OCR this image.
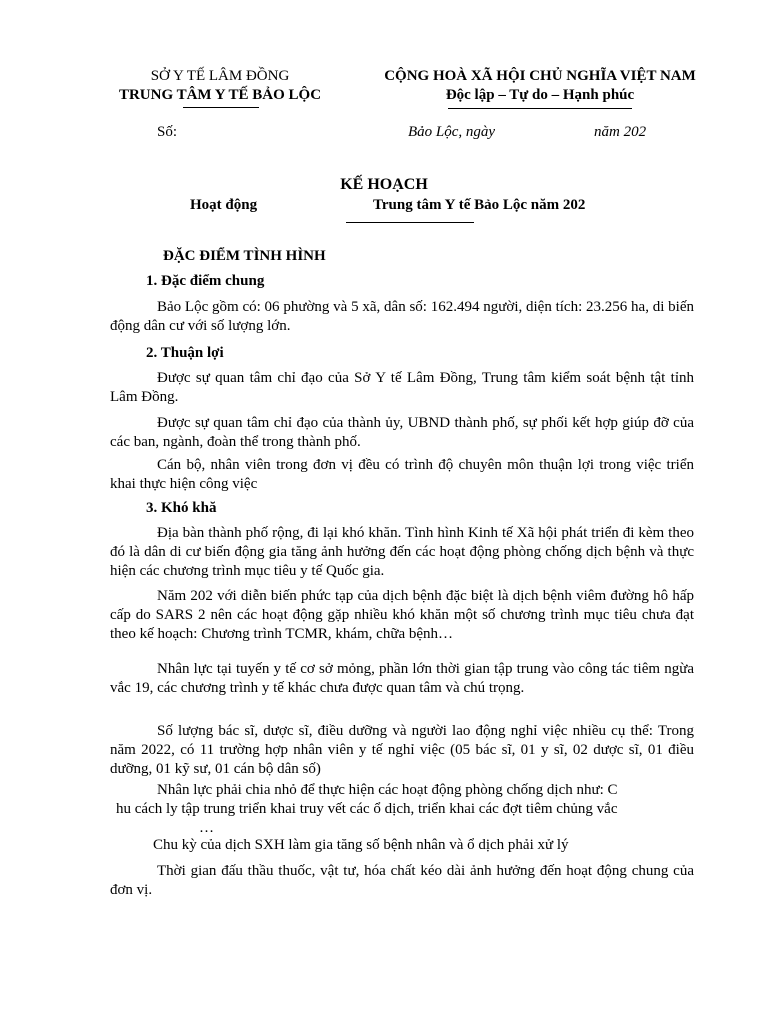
SỞ Y TẾ LÂM ĐỒNG
TRUNG TÂM Y TẾ BẢO LỘC
CỘNG HOÀ XÃ HỘI CHỦ NGHĨA VIỆT NAM
Độc lập – Tự do – Hạnh phúc
Số:	Bảo Lộc, ngày	năm 202
KẾ HOẠCH
Hoạt động	Trung tâm Y tế Bảo Lộc năm 202
ĐẶC ĐIỂM TÌNH HÌNH
1. Đặc điểm chung

Bảo Lộc gồm có: 06 phường và 5 xã, dân số: 162.494 người, diện tích: 23.256 ha, di biến động dân cư với số lượng lớn.

2. Thuận lợi

Được sự quan tâm chỉ đạo của Sở Y tế Lâm Đồng, Trung tâm kiểm soát bệnh tật tỉnh Lâm Đồng.

Được sự quan tâm chỉ đạo của thành ủy, UBND thành phố, sự phối kết hợp giúp đỡ của các ban, ngành, đoàn thể trong thành phố.

Cán bộ, nhân viên trong đơn vị đều có trình độ chuyên môn thuận lợi trong việc triển khai thực hiện công việc

3. Khó khă

Địa bàn thành phố rộng, đi lại khó khăn. Tình hình Kinh tế Xã hội phát triển đi kèm theo đó là dân di cư biến động gia tăng ảnh hưởng đến các hoạt động phòng chống dịch bệnh và thực hiện các chương trình mục tiêu y tế Quốc gia.

Năm 202 với diễn biến phức tạp của dịch bệnh đặc biệt là dịch bệnh viêm đường hô hấp cấp do SARS 2 nên các hoạt động gặp nhiều khó khăn một số chương trình mục tiêu chưa đạt theo kế hoạch: Chương trình TCMR, khám, chữa bệnh…

Nhân lực tại tuyến y tế cơ sở mỏng, phần lớn thời gian tập trung vào công tác tiêm ngừa vắc 19, các chương trình y tế khác chưa được quan tâm và chú trọng.

Số lượng bác sĩ, dược sĩ, điều dưỡng và người lao động nghỉ việc nhiều cụ thể: Trong năm 2022, có 11 trường hợp nhân viên y tế nghỉ việc (05 bác sĩ, 01 y sĩ, 02 dược sĩ, 01 điều dưỡng, 01 kỹ sư, 01 cán bộ dân số)

Nhân lực phải chia nhỏ để thực hiện các hoạt động phòng chống dịch như: C
hu cách ly tập trung triển khai truy vết các ổ dịch, triển khai các đợt tiêm chủng vắc
…
Chu kỳ của dịch SXH làm gia tăng số bệnh nhân và ổ dịch phải xử lý

Thời gian đấu thầu thuốc, vật tư, hóa chất kéo dài ảnh hưởng đến hoạt động chung của đơn vị.
